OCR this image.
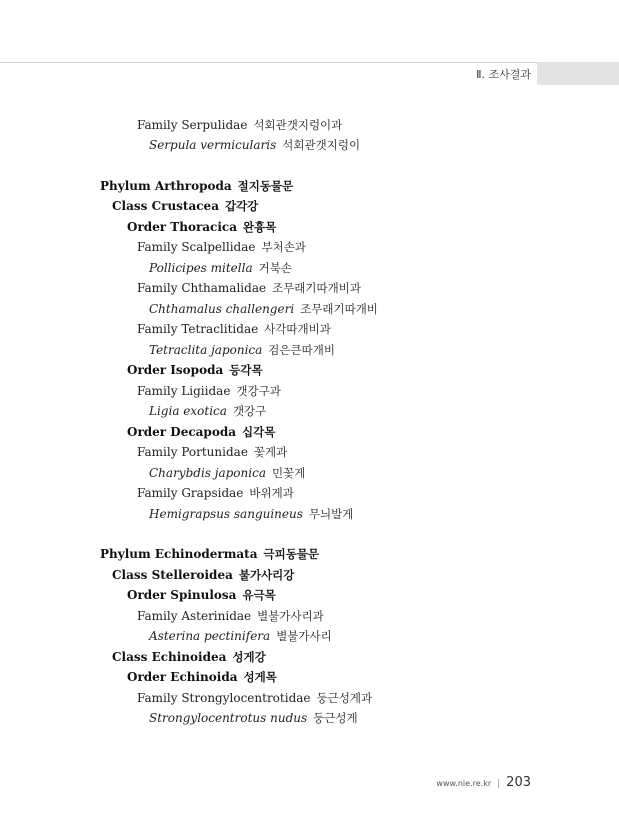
Ⅱ. 조사결과
Family Serpulidae 석회관갯지렁이과
Serpula vermicularis 석회관갯지렁이
Phylum Arthropoda 절지동물문
Class Crustacea 갑각강
Order Thoracica 완흉목
Family Scalpellidae 부처손과
Pollicipes mitella 거북손
Family Chthamalidae 조무래기따개비과
Chthamalus challengeri 조무래기따개비
Family Tetraclitidae 사각따개비과
Tetraclita japonica 검은큰따개비
Order Isopoda 등각목
Family Ligiidae 갯강구과
Ligia exotica 갯강구
Order Decapoda 십각목
Family Portunidae 꽃게과
Charybdis japonica 민꽃게
Family Grapsidae 바위게과
Hemigrapsus sanguineus 무늬발게
Phylum Echinodermata 극피동물문
Class Stelleroidea 불가사리강
Order Spinulosa 유극목
Family Asterinidae 별불가사리과
Asterina pectinifera 별불가사리
Class Echinoidea 성게강
Order Echinoida 성게목
Family Strongylocentrotidae 둥근성게과
Strongylocentrotus nudus 둥근성게
www.nie.re.kr | 203
